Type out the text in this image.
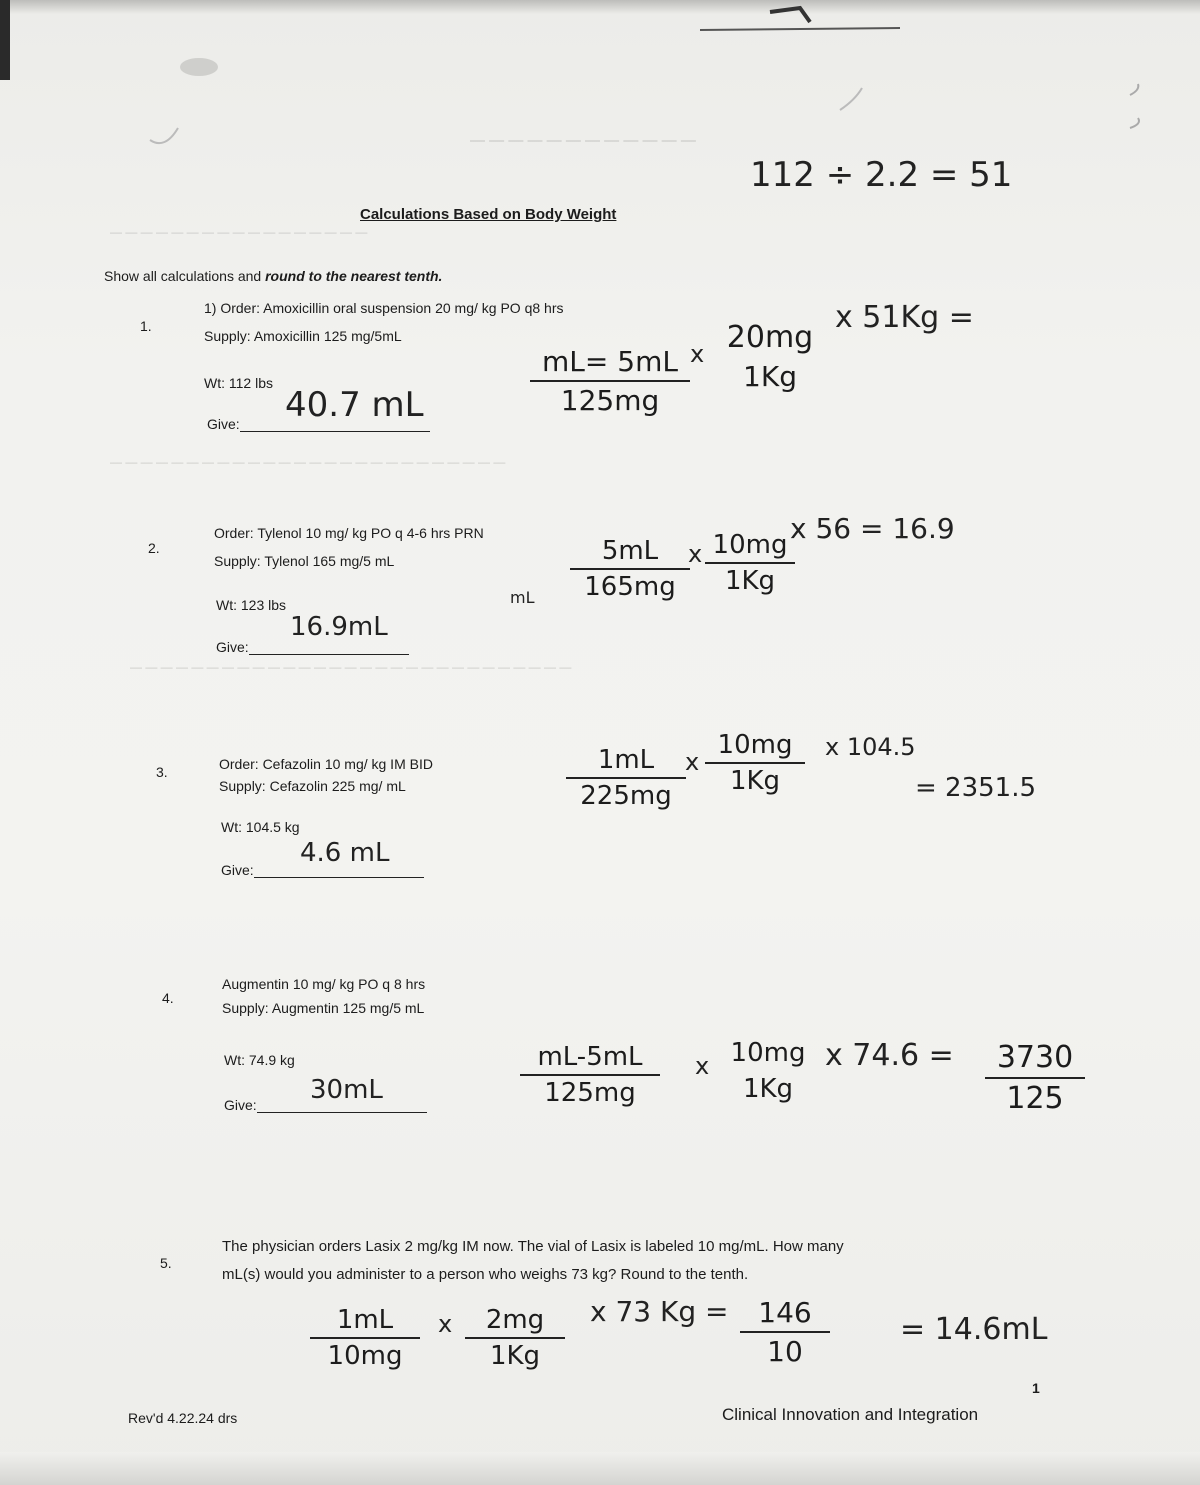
— — — — — — — — — — — —
— — — — — — — — — — — — — — — — —
— — — — — — — — — — — — — — — — — — — — — — — — — —
— — — — — — — — — — — — — — — — — — — — — — — — — — — — —
112 ÷ 2.2 = 51
Calculations Based on Body Weight
Show all calculations and round to the nearest tenth.
1.
1) Order: Amoxicillin oral suspension 20 mg/ kg PO q8 hrs
Supply: Amoxicillin 125 mg/5mL
Wt: 112 lbs
Give:	40.7 mL
mL= 5mL
125mg
x 20mg
1Kg
x 51Kg =
2.
Order: Tylenol 10 mg/ kg PO q 4-6 hrs PRN
Supply: Tylenol 165 mg/5 mL
Wt: 123 lbs
Give:
16.9mL
mL
5mL
165mg
x 10mg
1Kg
x 56 = 16.9
3.	Order: Cefazolin 10 mg/ kg IM BID
Supply: Cefazolin 225 mg/ mL
Wt: 104.5 kg
Give:
4.6 mL
1mL
225mg
x
10mg
1Kg
x 104.5
= 2351.5
4.
Augmentin 10 mg/ kg PO q 8 hrs
Supply: Augmentin 125 mg/5 mL
Wt: 74.9 kg
Give:	30mL
mL-5mL
125mg
x 10mg
1Kg
x 74.6 =	3730
125
5.
The physician orders Lasix 2 mg/kg IM now. The vial of Lasix is labeled 10 mg/mL. How many
mL(s) would you administer to a person who weighs 73 kg? Round to the tenth.
1mL
10mg
x	2mg
1Kg
x 73 Kg =	146
10
= 14.6mL
Rev'd 4.22.24 drs
1
Clinical Innovation and Integration
